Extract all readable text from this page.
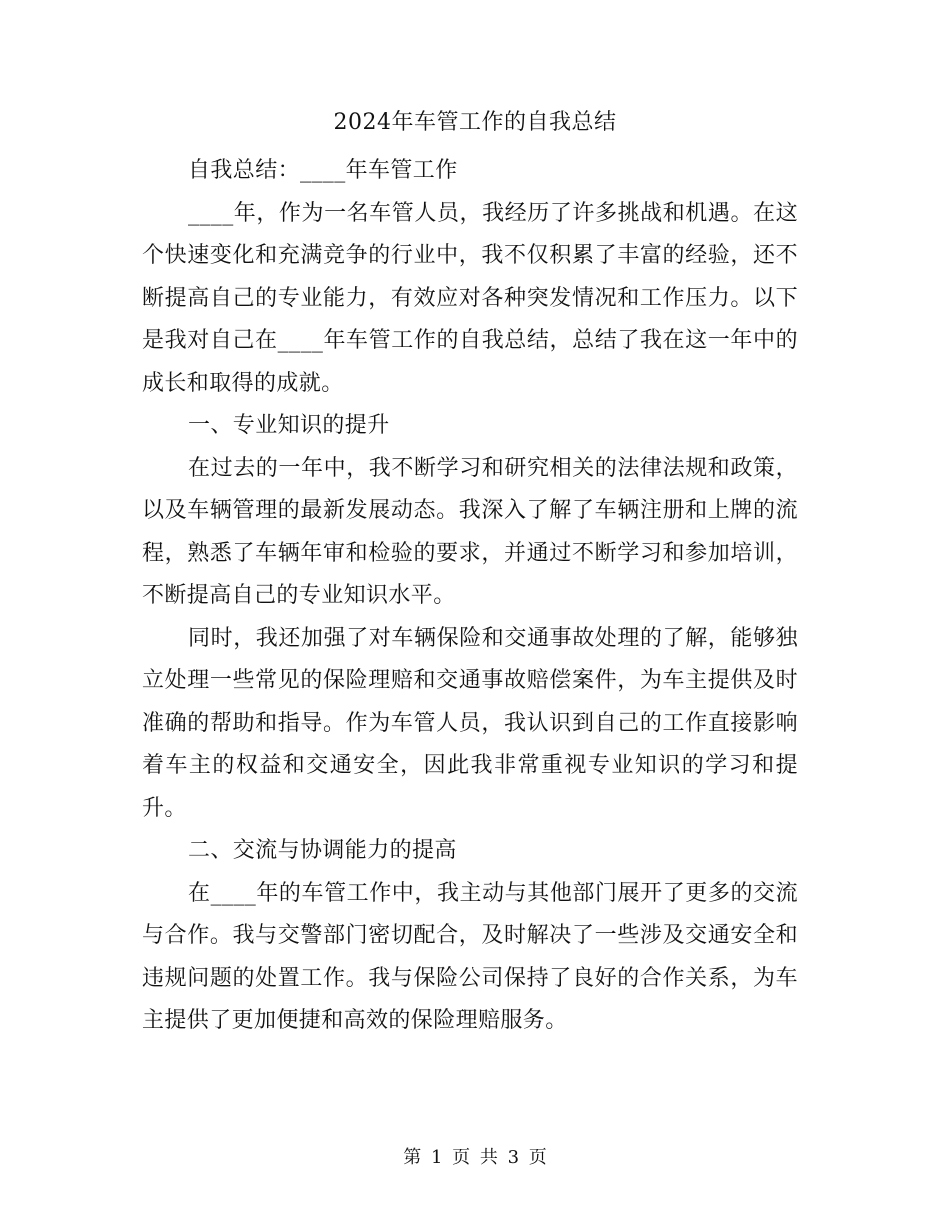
2024年车管工作的自我总结

自我总结：____年车管工作

____年，作为一名车管人员，我经历了许多挑战和机遇。在这个快速变化和充满竞争的行业中，我不仅积累了丰富的经验，还不断提高自己的专业能力，有效应对各种突发情况和工作压力。以下是我对自己在____年车管工作的自我总结，总结了我在这一年中的成长和取得的成就。

一、专业知识的提升

在过去的一年中，我不断学习和研究相关的法律法规和政策，以及车辆管理的最新发展动态。我深入了解了车辆注册和上牌的流程，熟悉了车辆年审和检验的要求，并通过不断学习和参加培训，不断提高自己的专业知识水平。

同时，我还加强了对车辆保险和交通事故处理的了解，能够独立处理一些常见的保险理赔和交通事故赔偿案件，为车主提供及时准确的帮助和指导。作为车管人员，我认识到自己的工作直接影响着车主的权益和交通安全，因此我非常重视专业知识的学习和提升。

二、交流与协调能力的提高

在____年的车管工作中，我主动与其他部门展开了更多的交流与合作。我与交警部门密切配合，及时解决了一些涉及交通安全和违规问题的处置工作。我与保险公司保持了良好的合作关系，为车主提供了更加便捷和高效的保险理赔服务。

第 1 页 共 3 页
